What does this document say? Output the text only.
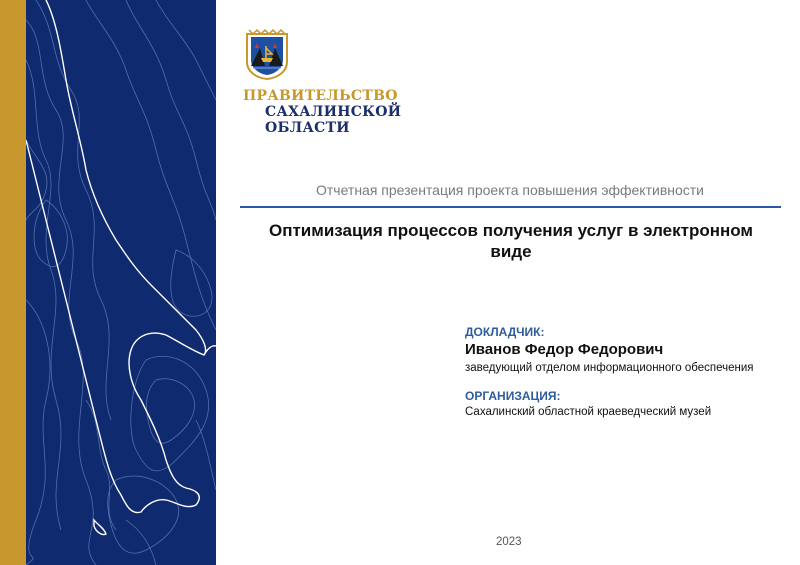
ПРАВИТЕЛЬСТВО
САХАЛИНСКОЙ
ОБЛАСТИ
Отчетная презентация проекта повышения эффективности
Оптимизация процессов получения услуг в электронном виде
ДОКЛАДЧИК:
Иванов Федор Федорович
заведующий отделом информационного обеспечения
ОРГАНИЗАЦИЯ:
Сахалинский областной краеведческий музей
2023
